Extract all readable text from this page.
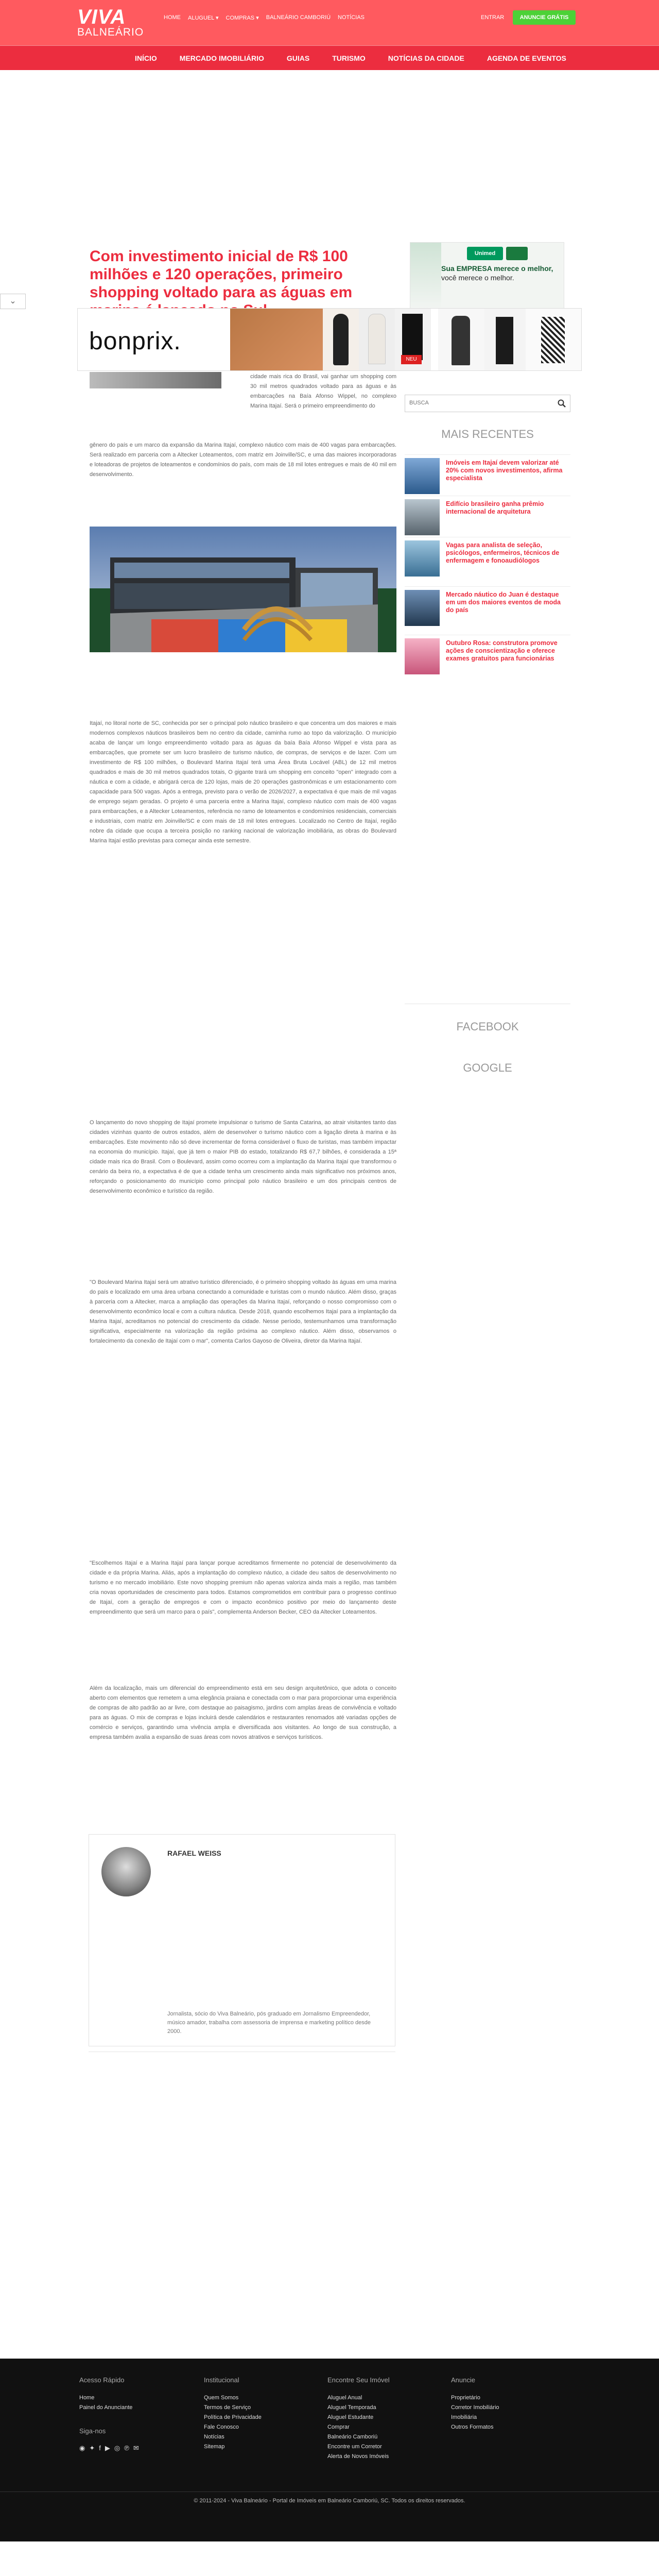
VIVA
BALNEÁRIO
HOME ALUGUEL ▾ COMPRAS ▾ BALNEÁRIO CAMBORIÚ NOTÍCIAS	ENTRAR	ANUNCIE GRÁTIS
INÍCIO	MERCADO IMOBILIÁRIO	GUIAS	TURISMO	NOTÍCIAS DA CIDADE	AGENDA DE EVENTOS
Com investimento inicial de R$ 100 milhões e 120 operações, primeiro shopping voltado para as águas em
Unimed
Sua EMPRESA merece o melhor,
você merece o melhor.
⌄
bonprix.
NEU

cidade mais rica do Brasil, vai ganhar um shopping com 30 mil metros quadrados voltado para as águas e às embarcações na Baía Afonso Wippel, no complexo Marina Itajaí. Será o primeiro empreendimento do

gênero do país e um marco da expansão da Marina Itajaí, complexo náutico com mais de 400 vagas para embarcações. Será realizado em parceria com a Altecker Loteamentos, com matriz em Joinville/SC, e uma das maiores incorporadoras e loteadoras de projetos de loteamentos e condomínios do país, com mais de 18 mil lotes entregues e mais de 40 mil em desenvolvimento.

Itajaí, no litoral norte de SC, conhecida por ser o principal polo náutico brasileiro e que concentra um dos maiores e mais modernos complexos náuticos brasileiros bem no centro da cidade, caminha rumo ao topo da valorização. O município acaba de lançar um longo empreendimento voltado para as águas da baía Baía Afonso Wippel e vista para as embarcações, que promete ser um lucro brasileiro de turismo náutico, de compras, de serviços e de lazer. Com um investimento de R$ 100 milhões, o Boulevard Marina Itajaí terá uma Área Bruta Locável (ABL) de 12 mil metros quadrados e mais de 30 mil metros quadrados totais, O gigante trará um shopping em conceito "open" integrado com a náutica e com a cidade, e abrigará cerca de 120 lojas, mais de 20 operações gastronômicas e um estacionamento com capacidade para 500 vagas. Após a entrega, previsto para o verão de 2026/2027, a expectativa é que mais de mil vagas de emprego sejam geradas. O projeto é uma parceria entre a Marina Itajaí, complexo náutico com mais de 400 vagas para embarcações, e a Altecker Loteamentos, referência no ramo de loteamentos e condomínios residenciais, comerciais e industriais, com matriz em Joinville/SC e com mais de 18 mil lotes entregues. Localizado no Centro de Itajaí, região nobre da cidade que ocupa a terceira posição no ranking nacional de valorização imobiliária, as obras do Boulevard Marina Itajaí estão previstas para começar ainda este semestre.

O lançamento do novo shopping de Itajaí promete impulsionar o turismo de Santa Catarina, ao atrair visitantes tanto das cidades vizinhas quanto de outros estados, além de desenvolver o turismo náutico com a ligação direta à marina e às embarcações. Este movimento não só deve incrementar de forma considerável o fluxo de turistas, mas também impactar na economia do município. Itajaí, que já tem o maior PIB do estado, totalizando R$ 67,7 bilhões, é considerada a 15ª cidade mais rica do Brasil. Com o Boulevard, assim como ocorreu com a implantação da Marina Itajaí que transformou o cenário da beira rio, a expectativa é de que a cidade tenha um crescimento ainda mais significativo nos próximos anos, reforçando o posicionamento do município como principal polo náutico brasileiro e um dos principais centros de desenvolvimento econômico e turístico da região.

"O Boulevard Marina Itajaí será um atrativo turístico diferenciado, é o primeiro shopping voltado às águas em uma marina do país e localizado em uma área urbana conectando a comunidade e turistas com o mundo náutico. Além disso, graças à parceria com a Altecker, marca a ampliação das operações da Marina Itajaí, reforçando o nosso compromisso com o desenvolvimento econômico local e com a cultura náutica. Desde 2018, quando escolhemos Itajaí para a implantação da Marina Itajaí, acreditamos no potencial do crescimento da cidade. Nesse período, testemunhamos uma transformação significativa, especialmente na valorização da região próxima ao complexo náutico. Além disso, observamos o fortalecimento da conexão de Itajaí com o mar", comenta Carlos Gayoso de Oliveira, diretor da Marina Itajaí.

"Escolhemos Itajaí e a Marina Itajaí para lançar porque acreditamos firmemente no potencial de desenvolvimento da cidade e da própria Marina. Aliás, após a implantação do complexo náutico, a cidade deu saltos de desenvolvimento no turismo e no mercado imobiliário. Este novo shopping premium não apenas valoriza ainda mais a região, mas também cria novas oportunidades de crescimento para todos. Estamos comprometidos em contribuir para o progresso contínuo de Itajaí, com a geração de empregos e com o impacto econômico positivo por meio do lançamento deste empreendimento que será um marco para o país", complementa Anderson Becker, CEO da Altecker Loteamentos.

Além da localização, mais um diferencial do empreendimento está em seu design arquitetônico, que adota o conceito aberto com elementos que remetem a uma elegância praiana e conectada com o mar para proporcionar uma experiência de compras de alto padrão ao ar livre, com destaque ao paisagismo, jardins com amplas áreas de convivência e voltado para as águas. O mix de compras e lojas incluirá desde calendários e restaurantes renomados até variadas opções de comércio e serviços, garantindo uma vivência ampla e diversificada aos visitantes. Ao longo de sua construção, a empresa também avalia a expansão de suas áreas com novos atrativos e serviços turísticos.

RAFAEL WEISS
Jornalista, sócio do Viva Balneário, pós graduado em Jornalismo Empreendedor, músico amador, trabalha com assessoria de imprensa e marketing político desde 2000.
BUSCA
MAIS RECENTES
Imóveis em Itajaí devem valorizar até 20% com novos investimentos, afirma especialista
Edifício brasileiro ganha prêmio internacional de arquitetura
Vagas para analista de seleção, psicólogos, enfermeiros, técnicos de enfermagem e fonoaudiólogos
Mercado náutico do Juan é destaque em um dos maiores eventos de moda do país
Outubro Rosa: construtora promove ações de conscientização e oferece exames gratuitos para funcionárias
FACEBOOK
GOOGLE
Acesso Rápido
Home
Painel do Anunciante
Siga-nos
◉ ✦ f ▶ ◎ ℗ ✉
Institucional
Quem Somos
Termos de Serviço
Política de Privacidade
Fale Conosco
Notícias
Sitemap
Encontre Seu Imóvel
Aluguel Anual
Aluguel Temporada
Aluguel Estudante
Comprar
Balneário Camboriú
Encontre um Corretor
Alerta de Novos Imóveis
Anuncie
Proprietário
Corretor Imobiliário
Imobiliária
Outros Formatos
© 2011-2024 - Viva Balneário - Portal de Imóveis em Balneário Camboriú, SC. Todos os direitos reservados.
